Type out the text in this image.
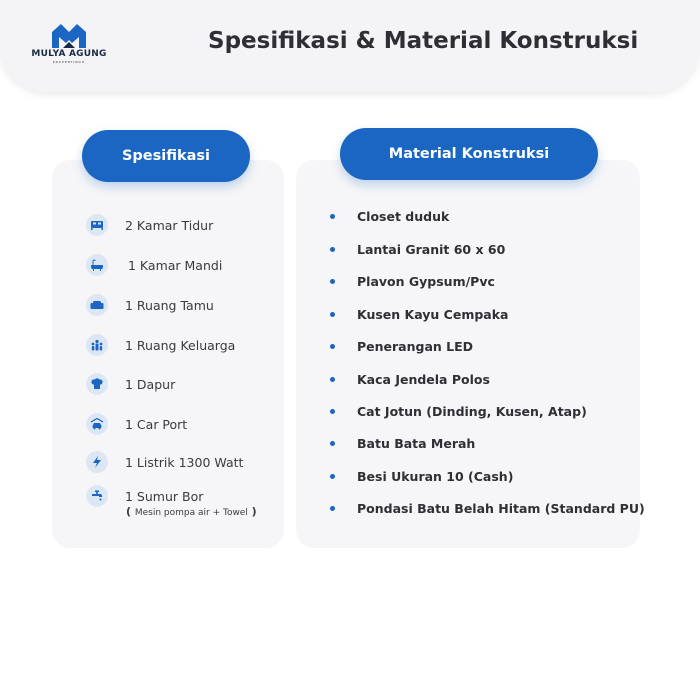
MULYA AGUNG
PROPERTINDO
Spesifikasi & Material Konstruksi
Spesifikasi	Material Konstruksi
2 Kamar Tidur
1 Kamar Mandi
1 Ruang Tamu
1 Ruang Keluarga
1 Dapur
1 Car Port
1 Listrik 1300 Watt
1 Sumur Bor
( Mesin pompa air + Towel )
Closet duduk
Lantai Granit 60 x 60
Plavon Gypsum/Pvc
Kusen Kayu Cempaka
Penerangan LED
Kaca Jendela Polos
Cat Jotun (Dinding, Kusen, Atap)
Batu Bata Merah
Besi Ukuran 10 (Cash)
Pondasi Batu Belah Hitam (Standard PU)
